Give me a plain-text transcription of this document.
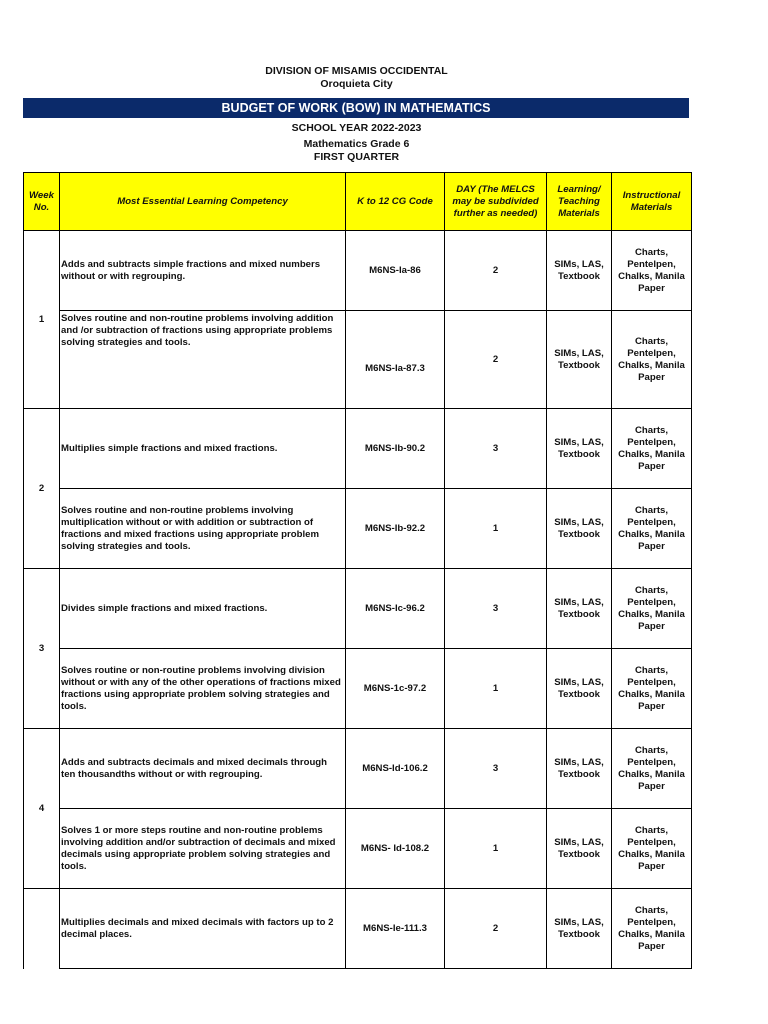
DIVISION OF MISAMIS OCCIDENTAL
Oroquieta City
BUDGET OF WORK (BOW) IN MATHEMATICS
SCHOOL YEAR 2022-2023
Mathematics Grade 6
FIRST QUARTER
Week No.	Most Essential Learning Competency	K to 12 CG Code	DAY (The MELCS may be subdivided further as needed)	Learning/ Teaching Materials	Instructional Materials
1	Adds and subtracts simple fractions and mixed numbers without or with regrouping.	M6NS-Ia-86	2	SIMs, LAS, Textbook	Charts, Pentelpen, Chalks, Manila Paper
	Solves routine and non-routine problems involving addition and /or subtraction of fractions using appropriate problems solving strategies and tools.	M6NS-Ia-87.3	2	SIMs, LAS, Textbook	Charts, Pentelpen, Chalks, Manila Paper
2	Multiplies simple fractions and mixed fractions.	M6NS-Ib-90.2	3	SIMs, LAS, Textbook	Charts, Pentelpen, Chalks, Manila Paper
	Solves routine and non-routine problems involving multiplication without or with addition or subtraction of fractions and mixed fractions using appropriate problem solving strategies and tools.	M6NS-Ib-92.2	1	SIMs, LAS, Textbook	Charts, Pentelpen, Chalks, Manila Paper
3	Divides simple fractions and mixed fractions.	M6NS-Ic-96.2	3	SIMs, LAS, Textbook	Charts, Pentelpen, Chalks, Manila Paper
	Solves routine or non-routine problems involving division without or with any of the other operations of fractions mixed fractions using appropriate problem solving strategies and tools.	M6NS-1c-97.2	1	SIMs, LAS, Textbook	Charts, Pentelpen, Chalks, Manila Paper
4	Adds and subtracts decimals and mixed decimals through ten thousandths without or with regrouping.	M6NS-Id-106.2	3	SIMs, LAS, Textbook	Charts, Pentelpen, Chalks, Manila Paper
	Solves 1 or more steps routine and non-routine problems involving addition and/or subtraction of decimals and mixed decimals using appropriate problem solving strategies and tools.	M6NS- Id-108.2	1	SIMs, LAS, Textbook	Charts, Pentelpen, Chalks, Manila Paper
	Multiplies decimals and mixed decimals with factors up to 2 decimal places.	M6NS-Ie-111.3	2	SIMs, LAS, Textbook	Charts, Pentelpen, Chalks, Manila Paper
